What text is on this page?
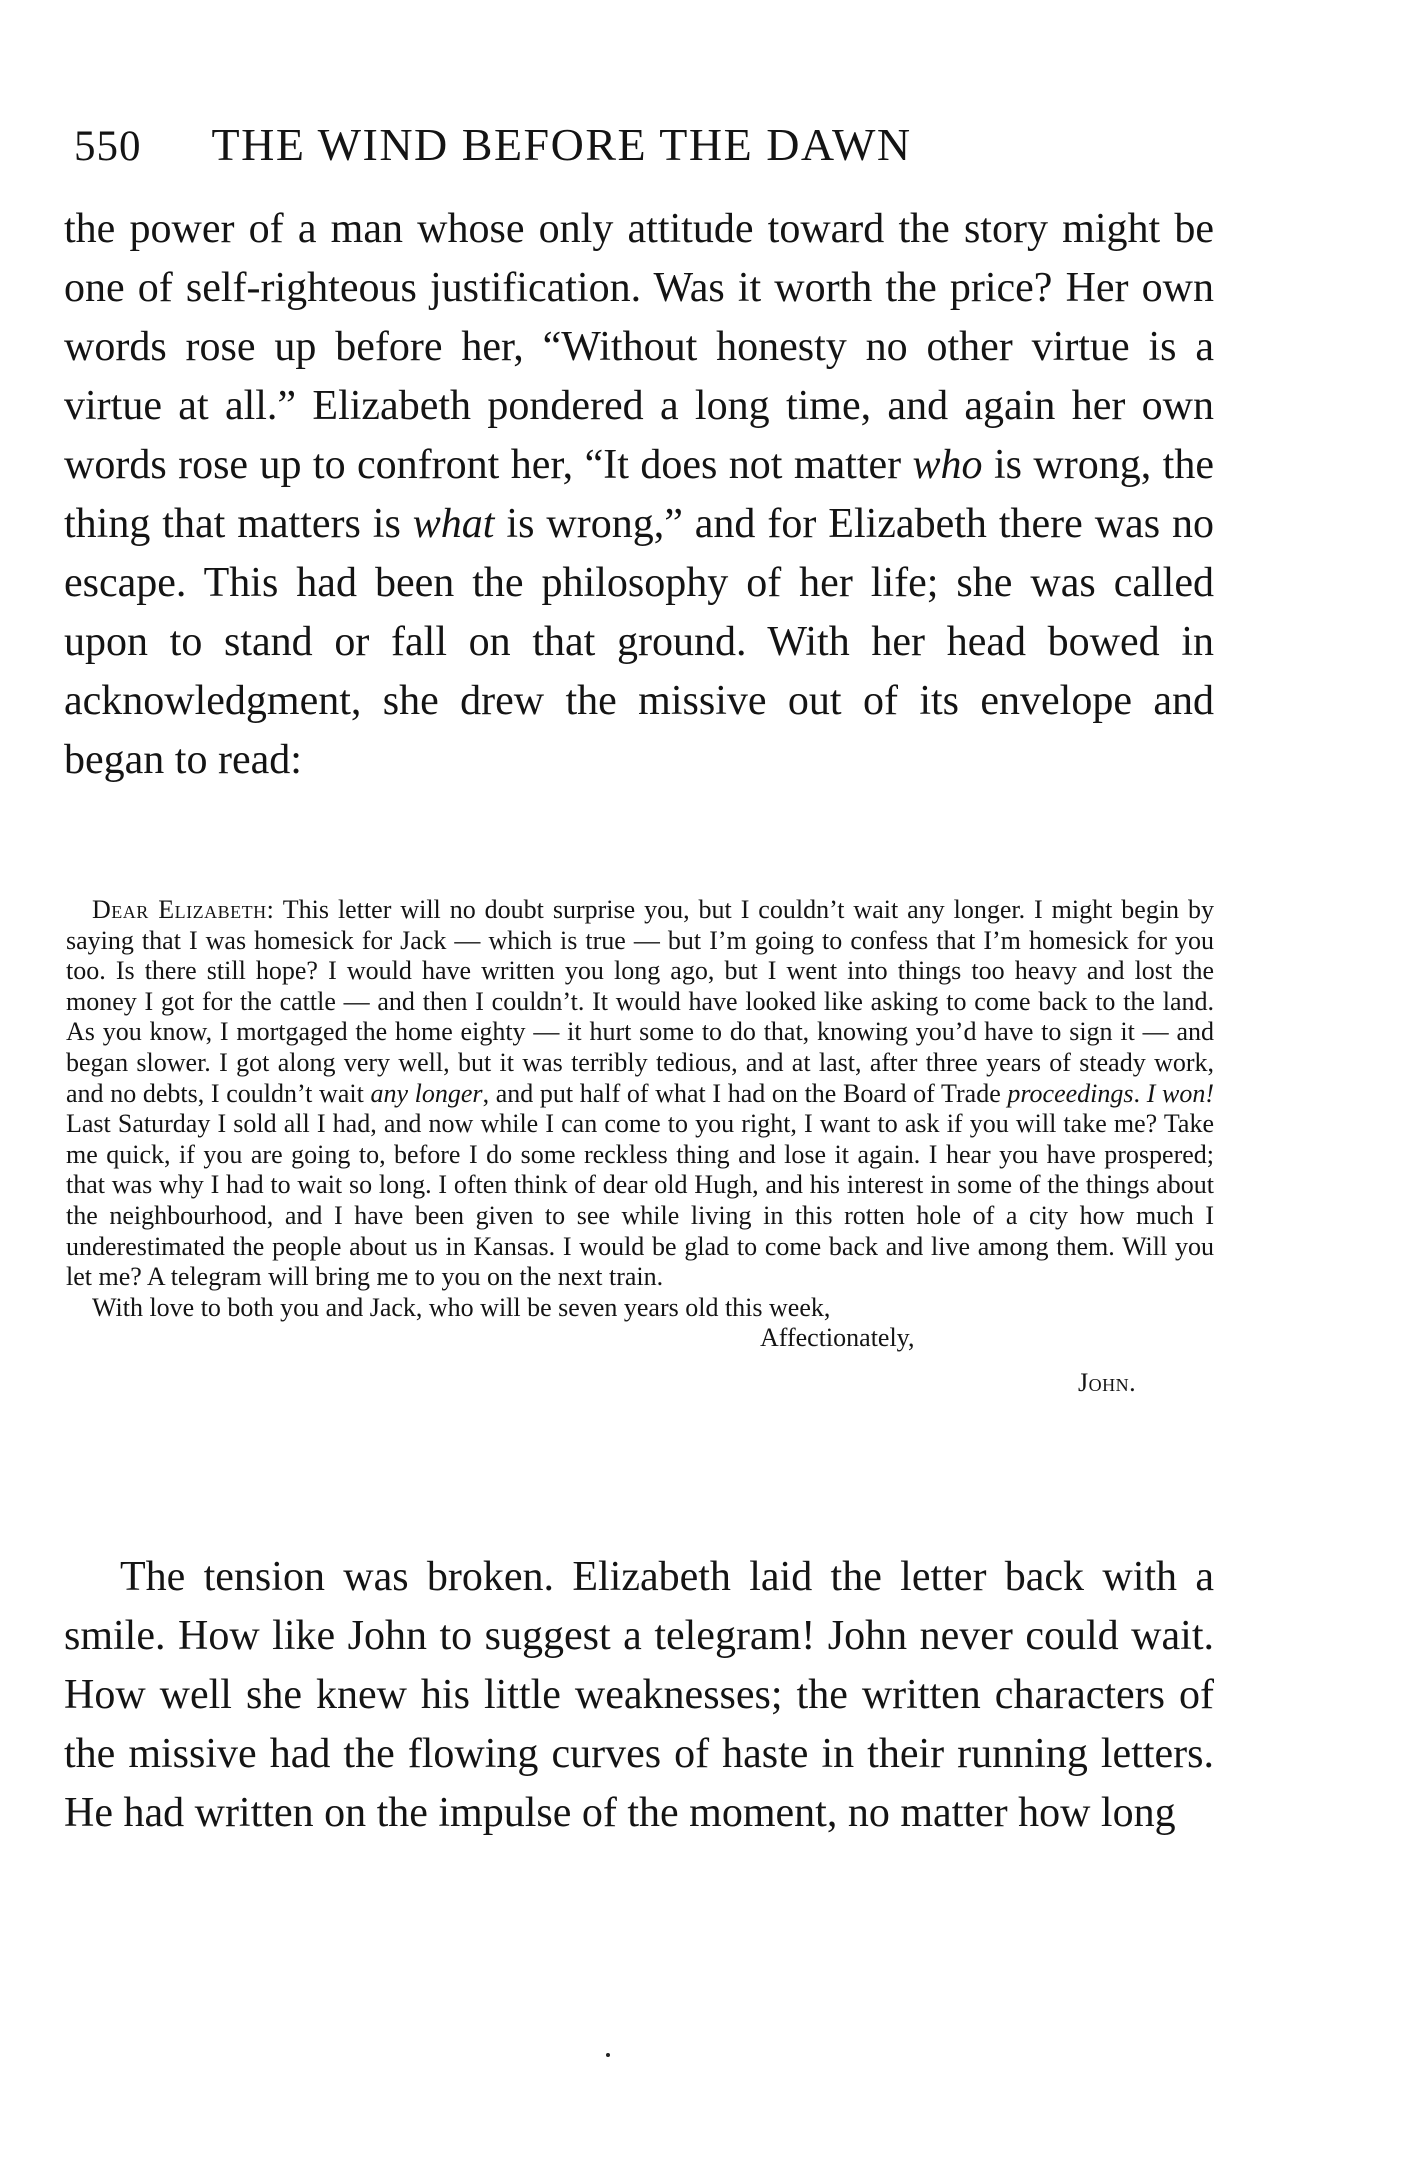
550 THE WIND BEFORE THE DAWN

the power of a man whose only attitude toward the story might be one of self-righteous justification. Was it worth the price? Her own words rose up before her, “Without honesty no other virtue is a virtue at all.” Elizabeth pondered a long time, and again her own words rose up to confront her, “It does not matter who is wrong, the thing that matters is what is wrong,” and for Elizabeth there was no escape. This had been the philosophy of her life; she was called upon to stand or fall on that ground. With her head bowed in acknowledgment, she drew the missive out of its envelope and began to read:

Dear Elizabeth: This letter will no doubt surprise you, but I couldn’t wait any longer. I might begin by saying that I was homesick for Jack — which is true — but I’m going to confess that I’m homesick for you too. Is there still hope? I would have written you long ago, but I went into things too heavy and lost the money I got for the cattle — and then I couldn’t. It would have looked like asking to come back to the land. As you know, I mortgaged the home eighty — it hurt some to do that, knowing you’d have to sign it — and began slower. I got along very well, but it was terribly tedious, and at last, after three years of steady work, and no debts, I couldn’t wait any longer, and put half of what I had on the Board of Trade proceedings. I won! Last Saturday I sold all I had, and now while I can come to you right, I want to ask if you will take me? Take me quick, if you are going to, before I do some reckless thing and lose it again. I hear you have prospered; that was why I had to wait so long. I often think of dear old Hugh, and his interest in some of the things about the neighbourhood, and I have been given to see while living in this rotten hole of a city how much I underestimated the people about us in Kansas. I would be glad to come back and live among them. Will you let me? A telegram will bring me to you on the next train.

With love to both you and Jack, who will be seven years old this week,

Affectionately,

John.

The tension was broken. Elizabeth laid the letter back with a smile. How like John to suggest a telegram! John never could wait. How well she knew his little weaknesses; the written characters of the missive had the flowing curves of haste in their running letters. He had written on the impulse of the moment, no matter how long
